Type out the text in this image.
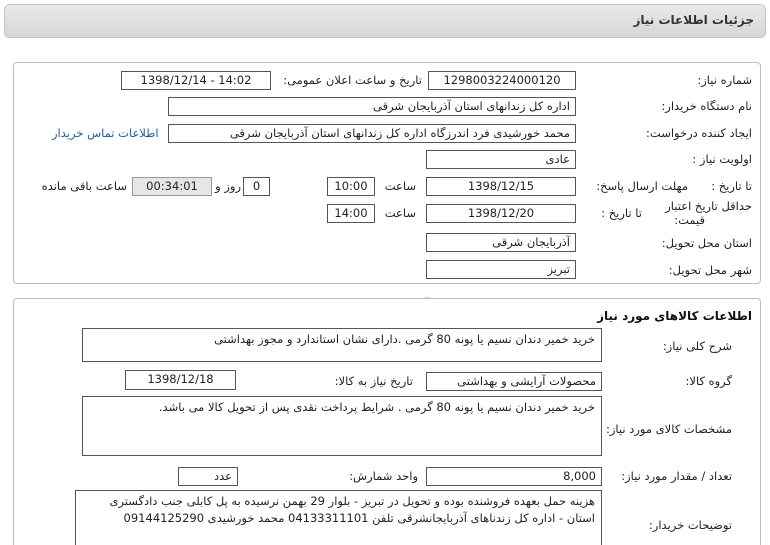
جزئیات اطلاعات نیاز
شماره نیاز:
1298003224000120
تاریخ و ساعت اعلان عمومی:
1398/12/14 - 14:02
نام دستگاه خریدار:
اداره کل زندانهای استان آذربایجان شرقی
ایجاد کننده درخواست:
محمد خورشیدی فرد اندرزگاه اداره کل زندانهای استان آذربایجان شرقی
اطلاعات تماس خریدار
اولویت نیاز :
عادی
مهلت ارسال پاسخ: تا تاریخ :
1398/12/15
ساعت
10:00
0
روز و
00:34:01
ساعت باقی مانده
حداقل تاریخ اعتبار
قیمت:
تا تاریخ :
1398/12/20
ساعت
14:00
استان محل تحویل:
آذربایجان شرقی
شهر محل تحویل:
تبریز
اطلاعات کالاهای مورد نیاز
شرح کلی نیاز:
خرید خمیر دندان نسیم یا پونه 80 گرمی .دارای نشان استاندارد و مجوز بهداشتی
گروه کالا:
محصولات آرایشی و بهداشتی
تاریخ نیاز به کالا:
1398/12/18
مشخصات کالای مورد نیاز:
خرید خمیر دندان نسیم یا پونه 80 گرمی . شرایط پرداخت نقدی پس از تحویل کالا می باشد.
تعداد / مقدار مورد نیاز:
8,000
واحد شمارش:
عدد
توضیحات خریدار:
هزینه حمل بعهده فروشنده بوده و تحویل در تبریز - بلوار 29 بهمن نرسیده به پل کابلی جنب دادگستری استان - اداره کل زندناهای آذربایجانشرقی تلفن 04133311101 محمد خورشیدی 09144125290
